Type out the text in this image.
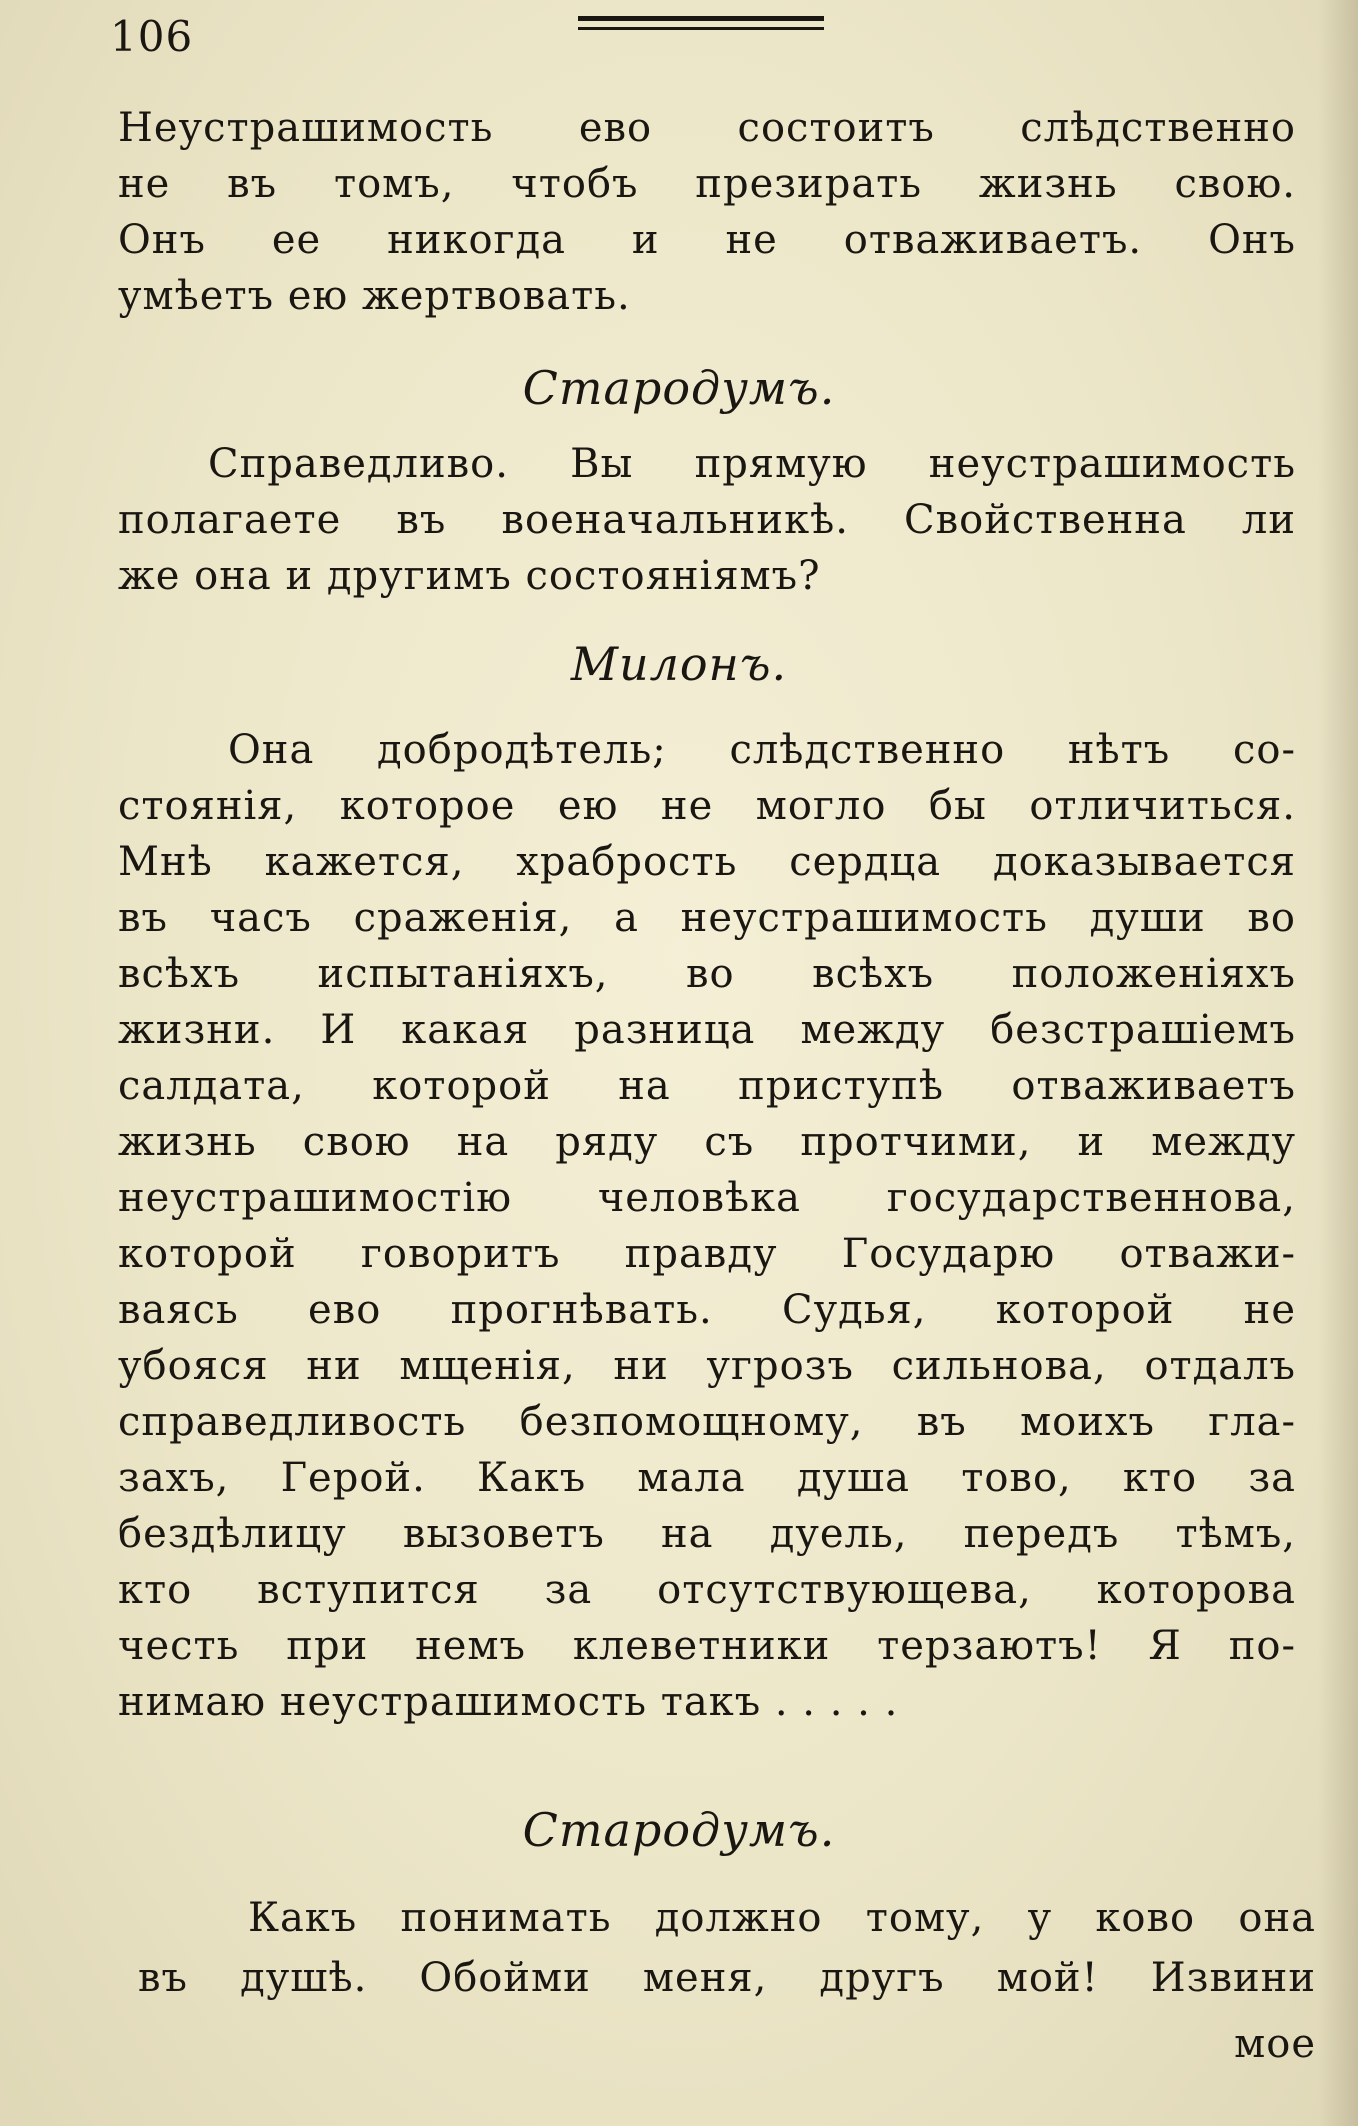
106
Неустрашимость ево состоитъ слѣдственно
не въ томъ, чтобъ презирать жизнь свою.
Онъ ее никогда и не отваживаетъ. Онъ
умѣетъ ею жертвовать.
Стародумъ.
Справедливо. Вы прямую неустрашимость
полагаете въ военачальникѣ. Свойственна ли
же она и другимъ состояніямъ?
Милонъ.
Она добродѣтель; слѣдственно нѣтъ со-
стоянія, которое ею не могло бы отличиться.
Мнѣ кажется, храбрость сердца доказывается
въ часъ сраженія, а неустрашимость души во
всѣхъ испытаніяхъ, во всѣхъ положеніяхъ
жизни. И какая разница между безстрашіемъ
салдата, которой на приступѣ отваживаетъ
жизнь свою на ряду съ протчими, и между
неустрашимостію человѣка государственнова,
которой говоритъ правду Государю отважи-
ваясь ево прогнѣвать. Судья, которой не
убояся ни мщенія, ни угрозъ сильнова, отдалъ
справедливость безпомощному, въ моихъ гла-
захъ, Герой. Какъ мала душа тово, кто за
бездѣлицу вызоветъ на дуель, передъ тѣмъ,
кто вступится за отсутствующева, которова
честь при немъ клеветники терзаютъ! Я по-
нимаю неустрашимость такъ . . . . .
Стародумъ.
Какъ понимать должно тому, у ково она
въ душѣ. Обойми меня, другъ мой! Извини
мое
